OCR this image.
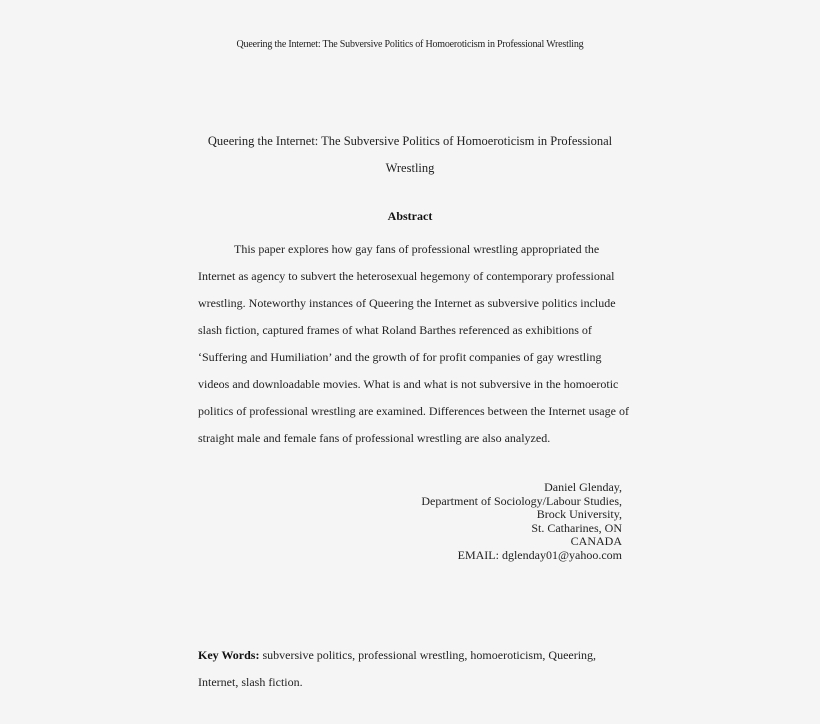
Queering the Internet: The Subversive Politics of Homoeroticism in Professional Wrestling
Queering the Internet: The Subversive Politics of Homoeroticism in Professional
Wrestling
Abstract
This paper explores how gay fans of professional wrestling appropriated the
Internet as agency to subvert the heterosexual hegemony of contemporary professional
wrestling. Noteworthy instances of Queering the Internet as subversive politics include
slash fiction, captured frames of what Roland Barthes referenced as exhibitions of
‘Suffering and Humiliation’ and the growth of for profit companies of gay wrestling
videos and downloadable movies. What is and what is not subversive in the homoerotic
politics of professional wrestling are examined. Differences between the Internet usage of
straight male and female fans of professional wrestling are also analyzed.
Daniel Glenday,
Department of Sociology/Labour Studies,
Brock University,
St. Catharines, ON
CANADA
EMAIL: dglenday01@yahoo.com
Key Words: subversive politics, professional wrestling, homoeroticism, Queering,
Internet, slash fiction.
